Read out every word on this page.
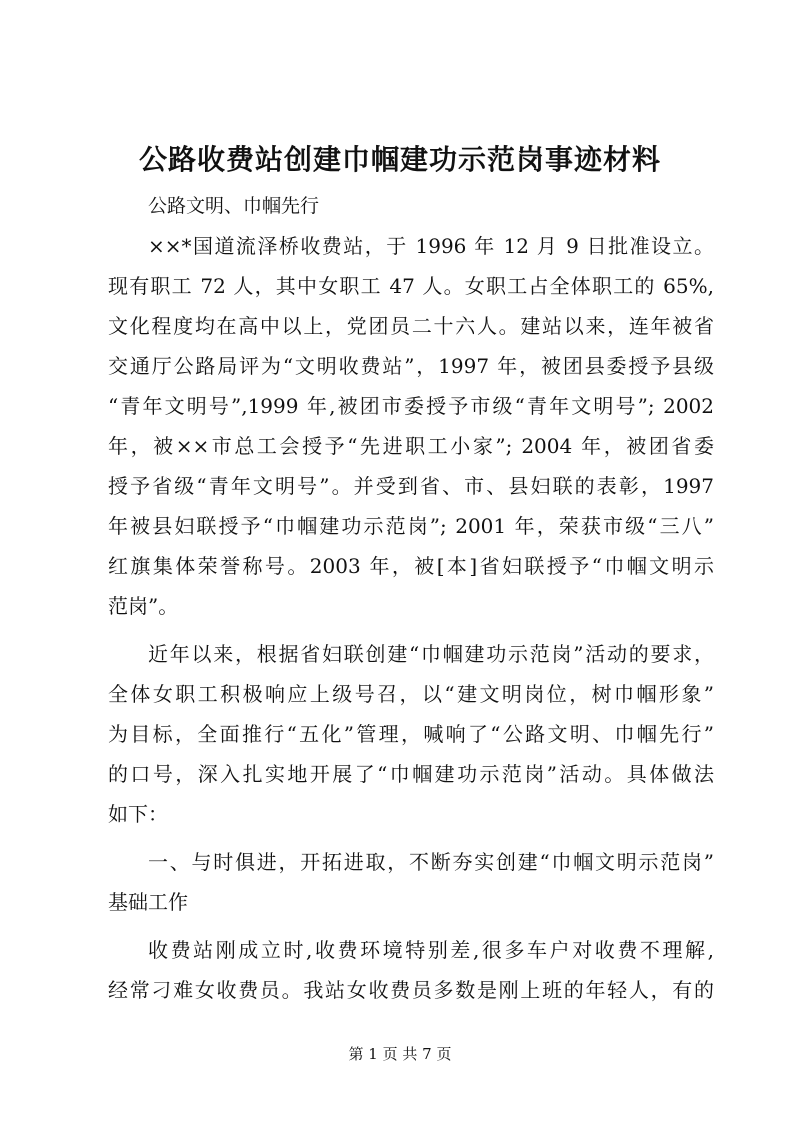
公路收费站创建巾帼建功示范岗事迹材料
公路文明、巾帼先行
××*国道流泽桥收费站，于 1996 年 12 月 9 日批准设立。
现有职工 72 人，其中女职工 47 人。女职工占全体职工的 65%,
文化程度均在高中以上，党团员二十六人。建站以来，连年被省
交通厅公路局评为“文明收费站”，1997 年，被团县委授予县级
“青年文明号”,1999 年,被团市委授予市级“青年文明号”; 2002
年，被××市总工会授予“先进职工小家”; 2004 年，被团省委
授予省级“青年文明号”。并受到省、市、县妇联的表彰，1997
年被县妇联授予“巾帼建功示范岗”; 2001 年，荣获市级“三八”
红旗集体荣誉称号。2003 年，被[本]省妇联授予“巾帼文明示
范岗”。
近年以来，根据省妇联创建“巾帼建功示范岗”活动的要求，
全体女职工积极响应上级号召，以“建文明岗位，树巾帼形象”
为目标，全面推行“五化”管理，喊响了“公路文明、巾帼先行”
的口号，深入扎实地开展了“巾帼建功示范岗”活动。具体做法
如下：
一、与时俱进，开拓进取，不断夯实创建“巾帼文明示范岗”
基础工作
收费站刚成立时,收费环境特别差,很多车户对收费不理解,
经常刁难女收费员。我站女收费员多数是刚上班的年轻人，有的
第 1 页 共 7 页
